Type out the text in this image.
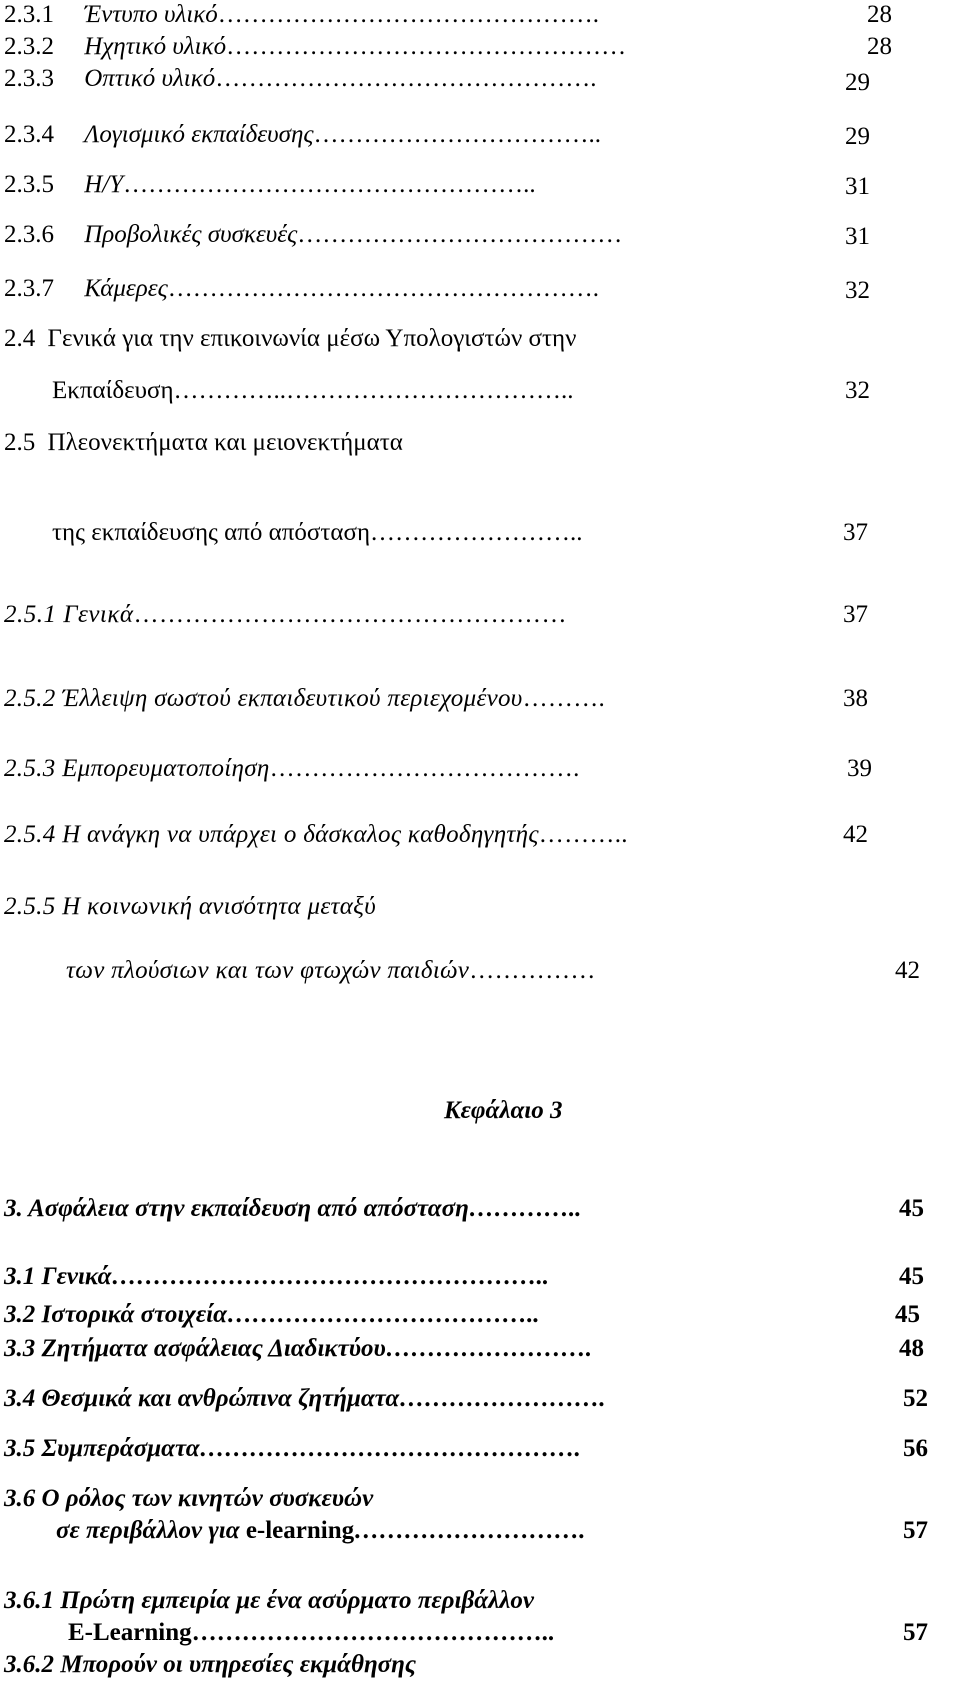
2.3.1 Έντυπο υλικό……………………………………….	28
2.3.2 Ηχητικό υλικό…………………………………………	28
2.3.3 Οπτικό υλικό……………………………………….	29
2.3.4 Λογισμικό εκπαίδευσης……………………………..	29
2.3.5 Η/Υ…………………………………………..	31
2.3.6 Προβολικές συσκευές…………………………………	31
2.3.7 Κάμερες…………………………………………….	32
2.4 Γενικά για την επικοινωνία μέσω Υπολογιστών στην
Εκπαίδευση…………..……………………………..	32
2.5 Πλεονεκτήματα και μειονεκτήματα
της εκπαίδευσης από απόσταση……………………..	37
2.5.1 Γενικά……………………………………………	37
2.5.2 Έλλειψη σωστού εκπαιδευτικού περιεχομένου……….	38
2.5.3 Εμπορευματοποίηση……………………………….	39
2.5.4 Η ανάγκη να υπάρχει ο δάσκαλος καθοδηγητής………..	42
2.5.5 Η κοινωνική ανισότητα μεταξύ
των πλούσιων και των φτωχών παιδιών……………	42
Κεφάλαιο 3
3. Ασφάλεια στην εκπαίδευση από απόσταση…………..	45
3.1 Γενικά……………………………………………..	45
3.2 Ιστορικά στοιχεία………………………………..	45
3.3 Ζητήματα ασφάλειας Διαδικτύου…………………….	48
3.4 Θεσμικά και ανθρώπινα ζητήματα…………………….	52
3.5 Συμπεράσματα……………………………………….	56
3.6 Ο ρόλος των κινητών συσκευών
σε περιβάλλον για e-learning……………………….	57
3.6.1 Πρώτη εμπειρία με ένα ασύρματο περιβάλλον
E-Learning……………………………………..	57
3.6.2 Μπορούν οι υπηρεσίες εκμάθησης
